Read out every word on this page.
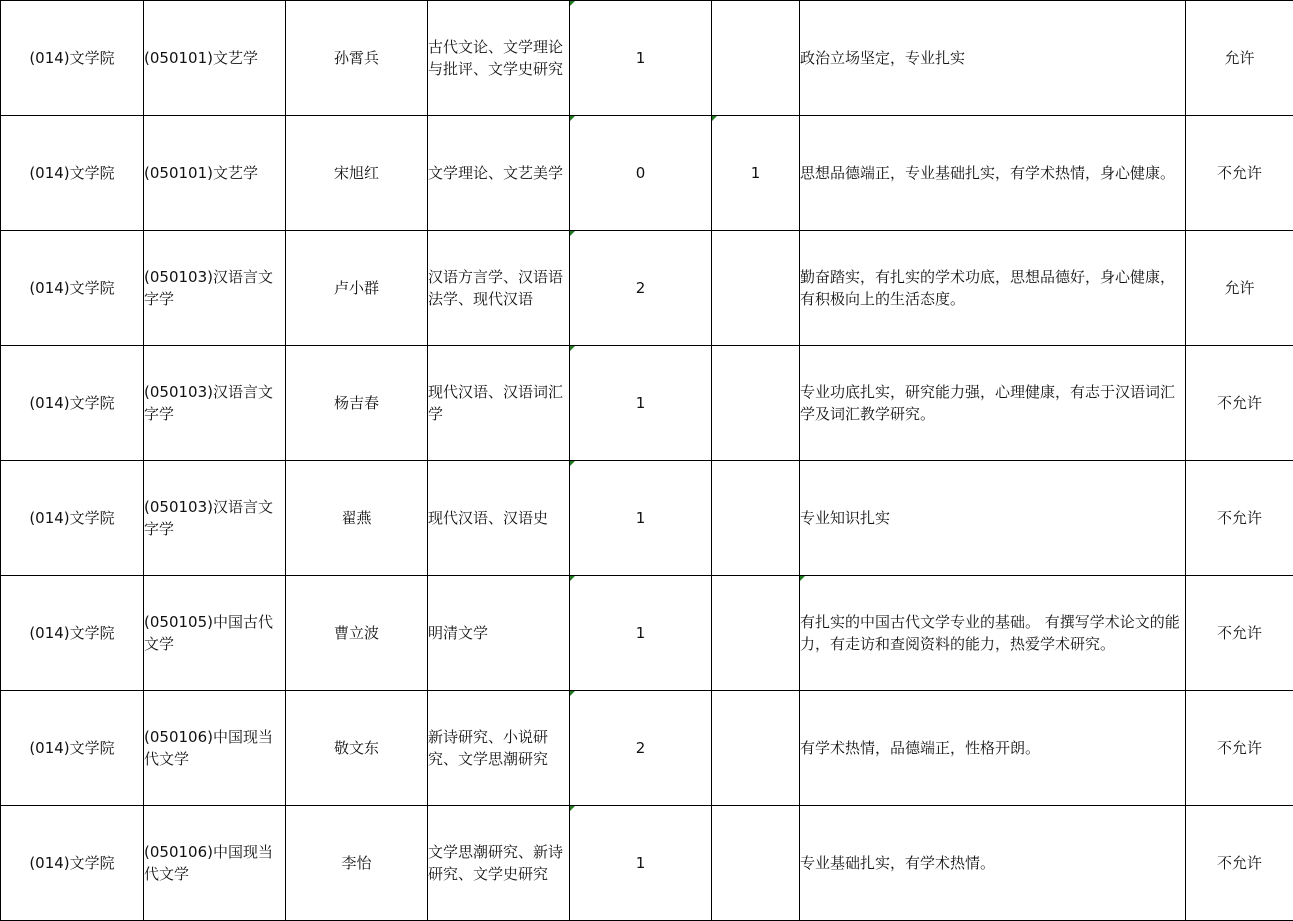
(014)文学院	(050101)文艺学	孙霄兵	古代文论、文学理论与批评、文学史研究	1		政治立场坚定，专业扎实	允许
(014)文学院	(050101)文艺学	宋旭红	文学理论、文艺美学	0	1	思想品德端正，专业基础扎实，有学术热情，身心健康。	不允许
(014)文学院	(050103)汉语言文字学	卢小群	汉语方言学、汉语语法学、现代汉语	2		勤奋踏实，有扎实的学术功底，思想品德好，身心健康，有积极向上的生活态度。	允许
(014)文学院	(050103)汉语言文字学	杨吉春	现代汉语、汉语词汇学	1		专业功底扎实，研究能力强，心理健康，有志于汉语词汇学及词汇教学研究。	不允许
(014)文学院	(050103)汉语言文字学	翟燕	现代汉语、汉语史	1		专业知识扎实	不允许
(014)文学院	(050105)中国古代文学	曹立波	明清文学	1		有扎实的中国古代文学专业的基础。 有撰写学术论文的能力，有走访和查阅资料的能力，热爱学术研究。	不允许
(014)文学院	(050106)中国现当代文学	敬文东	新诗研究、小说研究、文学思潮研究	2		有学术热情，品德端正，性格开朗。	不允许
(014)文学院	(050106)中国现当代文学	李怡	文学思潮研究、新诗研究、文学史研究	1		专业基础扎实，有学术热情。	不允许
